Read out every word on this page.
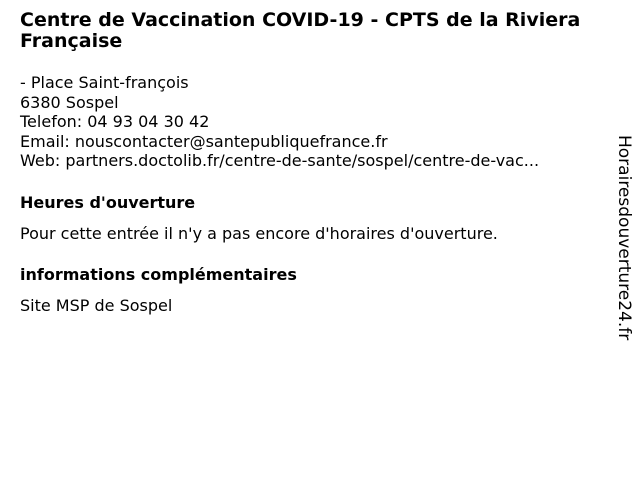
Centre de Vaccination COVID-19 - CPTS de la Riviera Française
- Place Saint-françois
6380 Sospel
Telefon: 04 93 04 30 42
Email: nouscontacter@santepubliquefrance.fr
Web: partners.doctolib.fr/centre-de-sante/sospel/centre-de-vac...
Heures d'ouverture

Pour cette entrée il n'y a pas encore d'horaires d'ouverture.

informations complémentaires

Site MSP de Sospel	Horairesdouverture24.fr
